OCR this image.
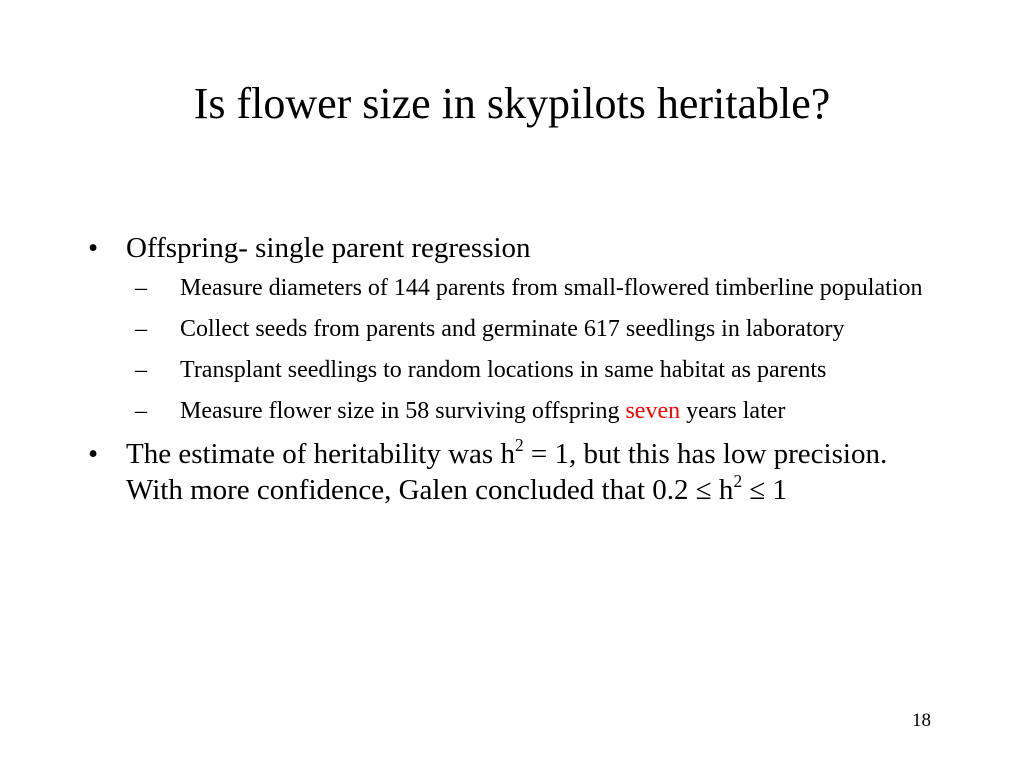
Is flower size in skypilots heritable?
• Offspring- single parent regression
– Measure diameters of 144 parents from small-flowered timberline population
– Collect seeds from parents and germinate 617 seedlings in laboratory
– Transplant seedlings to random locations in same habitat as parents
– Measure flower size in 58 surviving offspring seven years later
• The estimate of heritability was $h^2 = 1$, but this has low precision. With more confidence, Galen concluded that $0.2 \le h^2 \le 1$
18
